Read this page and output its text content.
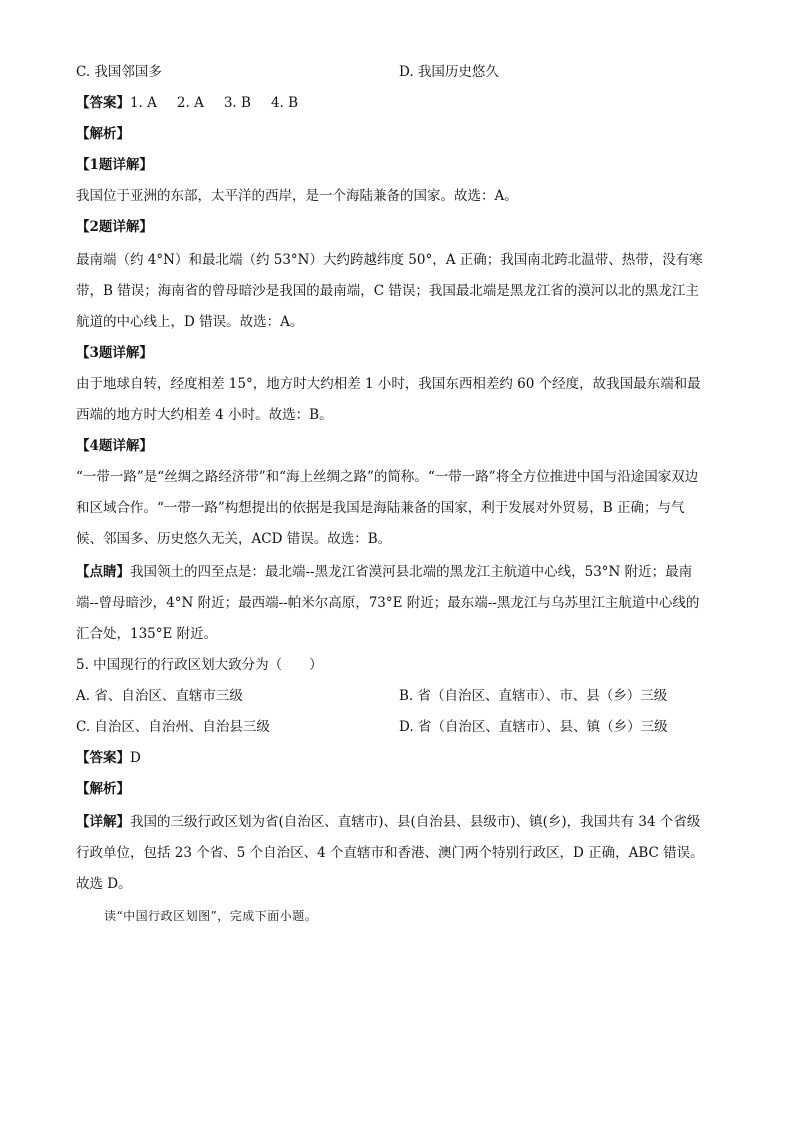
C. 我国邻国多	D. 我国历史悠久
【答案】1. A 2. A 3. B 4. B
【解析】
【1题详解】
我国位于亚洲的东部，太平洋的西岸，是一个海陆兼备的国家。故选：A。
【2题详解】
最南端（约 4°N）和最北端（约 53°N）大约跨越纬度 50°，A 正确；我国南北跨北温带、热带，没有寒
带，B 错误；海南省的曾母暗沙是我国的最南端，C 错误；我国最北端是黑龙江省的漠河以北的黑龙江主
航道的中心线上，D 错误。故选：A。
【3题详解】
由于地球自转，经度相差 15°，地方时大约相差 1 小时，我国东西相差约 60 个经度，故我国最东端和最
西端的地方时大约相差 4 小时。故选：B。
【4题详解】
“一带一路”是“丝绸之路经济带”和“海上丝绸之路”的简称。“一带一路”将全方位推进中国与沿途国家双边
和区域合作。“一带一路”构想提出的依据是我国是海陆兼备的国家，利于发展对外贸易，B 正确；与气
候、邻国多、历史悠久无关，ACD 错误。故选：B。
【点睛】我国领土的四至点是：最北端--黑龙江省漠河县北端的黑龙江主航道中心线，53°N 附近；最南
端--曾母暗沙，4°N 附近；最西端--帕米尔高原，73°E 附近；最东端--黑龙江与乌苏里江主航道中心线的
汇合处，135°E 附近。
5. 中国现行的行政区划大致分为（　　）
A. 省、自治区、直辖市三级	B. 省（自治区、直辖市）、市、县（乡）三级
C. 自治区、自治州、自治县三级	D. 省（自治区、直辖市）、县、镇（乡）三级
【答案】D
【解析】
【详解】我国的三级行政区划为省(自治区、直辖市)、县(自治县、县级市)、镇(乡)，我国共有 34 个省级
行政单位，包括 23 个省、5 个自治区、4 个直辖市和香港、澳门两个特别行政区，D 正确，ABC 错误。
故选 D。
读“中国行政区划图”，完成下面小题。
